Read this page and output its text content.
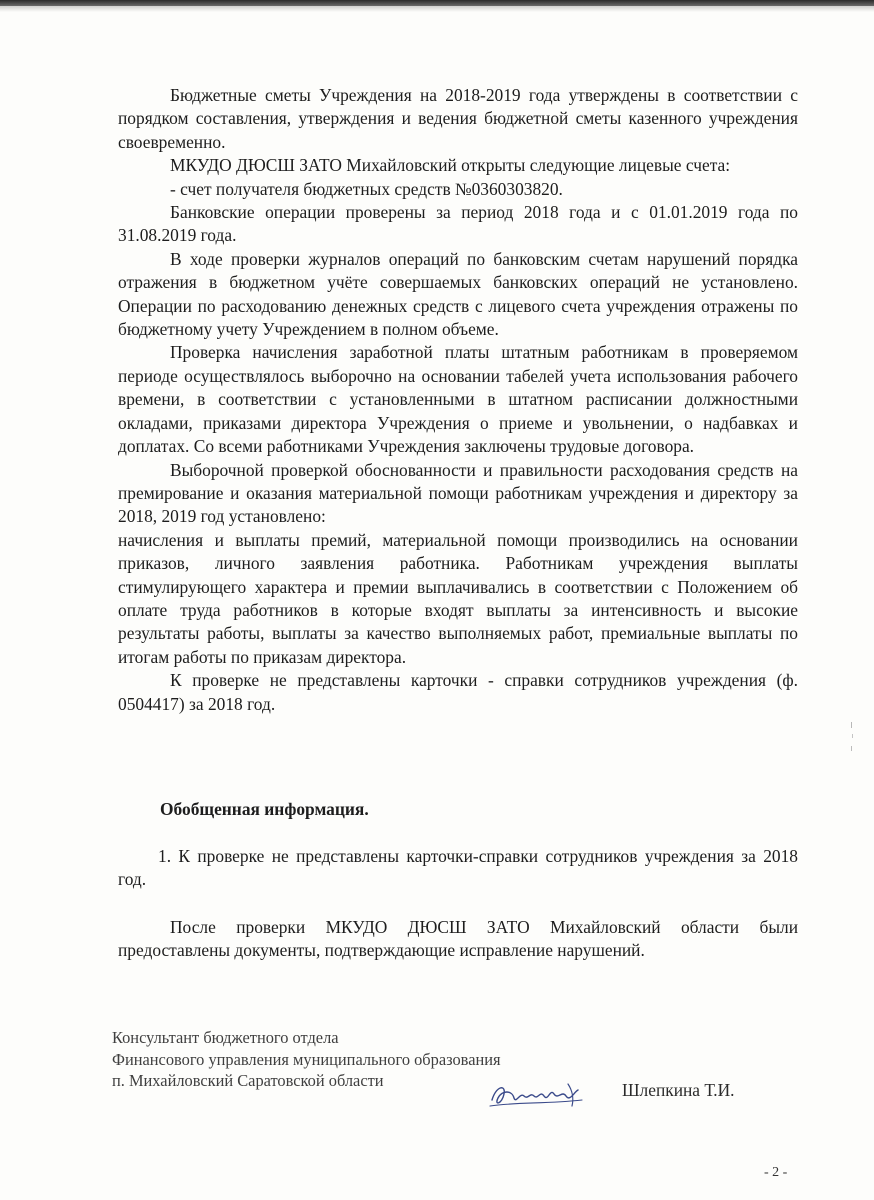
Бюджетные сметы Учреждения на 2018-2019 года утверждены в соответствии с порядком составления, утверждения и ведения бюджетной сметы казенного учреждения своевременно.

МКУДО ДЮСШ ЗАТО Михайловский открыты следующие лицевые счета:

- счет получателя бюджетных средств №0360303820.

Банковские операции проверены за период 2018 года и с 01.01.2019 года по 31.08.2019 года.

В ходе проверки журналов операций по банковским счетам нарушений порядка отражения в бюджетном учёте совершаемых банковских операций не установлено. Операции по расходованию денежных средств с лицевого счета учреждения отражены по бюджетному учету Учреждением в полном объеме.

Проверка начисления заработной платы штатным работникам в проверяемом периоде осуществлялось выборочно на основании табелей учета использования рабочего времени, в соответствии с установленными в штатном расписании должностными окладами, приказами директора Учреждения о приеме и увольнении, о надбавках и доплатах. Со всеми работниками Учреждения заключены трудовые договора.

Выборочной проверкой обоснованности и правильности расходования средств на премирование и оказания материальной помощи работникам учреждения и директору за 2018, 2019 год установлено:

начисления и выплаты премий, материальной помощи производились на основании приказов, личного заявления работника. Работникам учреждения выплаты стимулирующего характера и премии выплачивались в соответствии с Положением об оплате труда работников в которые входят выплаты за интенсивность и высокие результаты работы, выплаты за качество выполняемых работ, премиальные выплаты по итогам работы по приказам директора.

К проверке не представлены карточки - справки сотрудников учреждения (ф. 0504417) за 2018 год.

Обобщенная информация.

1. К проверке не представлены карточки-справки сотрудников учреждения за 2018 год.

После проверки МКУДО ДЮСШ ЗАТО Михайловский области были предоставлены документы, подтверждающие исправление нарушений.

Консультант бюджетного отдела
Финансового управления муниципального образования
п. Михайловский Саратовской области	Шлепкина Т.И.
- 2 -
